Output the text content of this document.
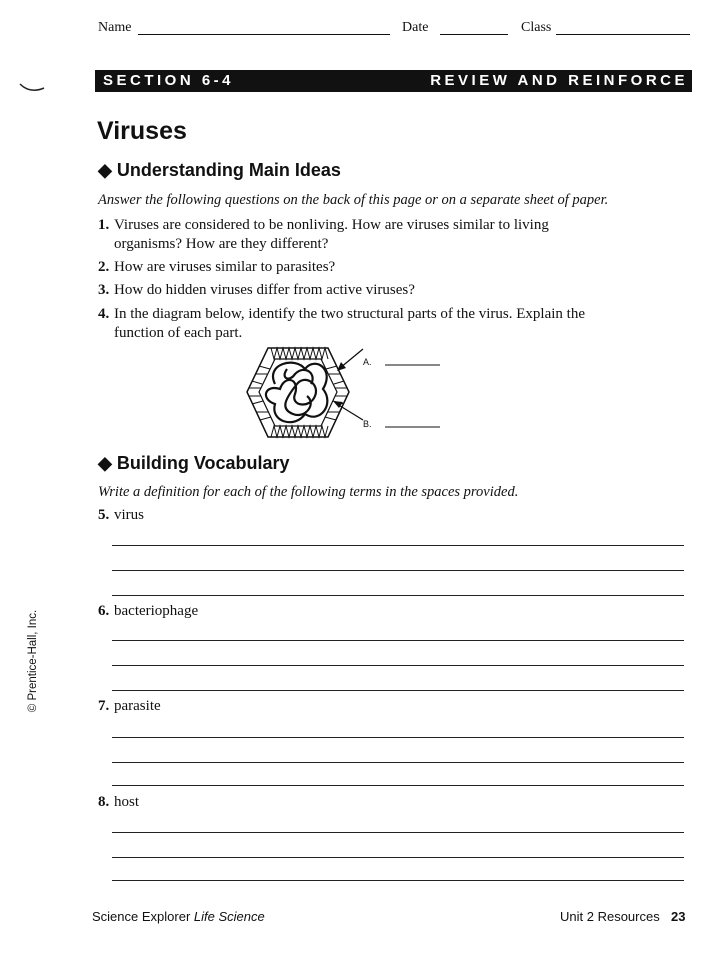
Name	Date	Class
SECTION 6-4	REVIEW AND REINFORCE
Viruses
◆ Understanding Main Ideas
Answer the following questions on the back of this page or on a separate sheet of paper.
1. Viruses are considered to be nonliving. How are viruses similar to living
organisms? How are they different?
2. How are viruses similar to parasites?
3. How do hidden viruses differ from active viruses?
4. In the diagram below, identify the two structural parts of the virus. Explain the
function of each part.
A.
B.
◆ Building Vocabulary
Write a definition for each of the following terms in the spaces provided.
5. virus
6. bacteriophage
7. parasite
8. host
© Prentice-Hall, Inc.
Science Explorer Life Science	Unit 2 Resources 23
